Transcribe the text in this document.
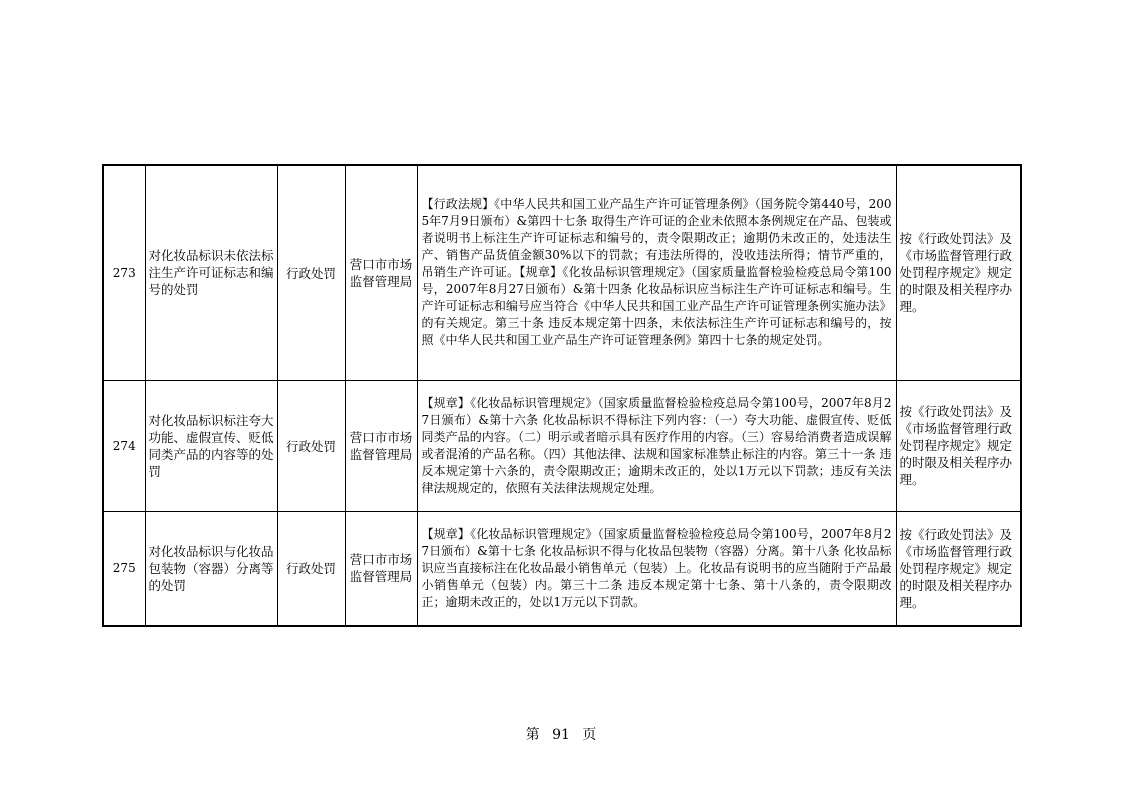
273	对化妆品标识未依法标注生产许可证标志和编号的处罚	行政处罚	营口市市场监督管理局	【行政法规】《中华人民共和国工业产品生产许可证管理条例》（国务院令第440号，2005年7月9日颁布）&第四十七条 取得生产许可证的企业未依照本条例规定在产品、包装或者说明书上标注生产许可证标志和编号的，责令限期改正；逾期仍未改正的，处违法生产、销售产品货值金额30%以下的罚款；有违法所得的，没收违法所得；情节严重的，吊销生产许可证。【规章】《化妆品标识管理规定》（国家质量监督检验检疫总局令第100号，2007年8月27日颁布）&第十四条 化妆品标识应当标注生产许可证标志和编号。生产许可证标志和编号应当符合《中华人民共和国工业产品生产许可证管理条例实施办法》的有关规定。第三十条 违反本规定第十四条，未依法标注生产许可证标志和编号的，按照《中华人民共和国工业产品生产许可证管理条例》第四十七条的规定处罚。	按《行政处罚法》及《市场监督管理行政处罚程序规定》规定的时限及相关程序办理。
274	对化妆品标识标注夸大功能、虚假宣传、贬低同类产品的内容等的处罚	行政处罚	营口市市场监督管理局	【规章】《化妆品标识管理规定》（国家质量监督检验检疫总局令第100号，2007年8月27日颁布）&第十六条 化妆品标识不得标注下列内容：（一）夸大功能、虚假宣传、贬低同类产品的内容。（二）明示或者暗示具有医疗作用的内容。（三）容易给消费者造成误解或者混淆的产品名称。（四）其他法律、法规和国家标准禁止标注的内容。第三十一条 违反本规定第十六条的，责令限期改正；逾期未改正的，处以1万元以下罚款；违反有关法律法规规定的，依照有关法律法规规定处理。	按《行政处罚法》及《市场监督管理行政处罚程序规定》规定的时限及相关程序办理。
275	对化妆品标识与化妆品包装物（容器）分离等的处罚	行政处罚	营口市市场监督管理局	【规章】《化妆品标识管理规定》（国家质量监督检验检疫总局令第100号，2007年8月27日颁布）&第十七条 化妆品标识不得与化妆品包装物（容器）分离。第十八条 化妆品标识应当直接标注在化妆品最小销售单元（包装）上。化妆品有说明书的应当随附于产品最小销售单元（包装）内。第三十二条 违反本规定第十七条、第十八条的，责令限期改正；逾期未改正的，处以1万元以下罚款。	按《行政处罚法》及《市场监督管理行政处罚程序规定》规定的时限及相关程序办理。
第 91 页
